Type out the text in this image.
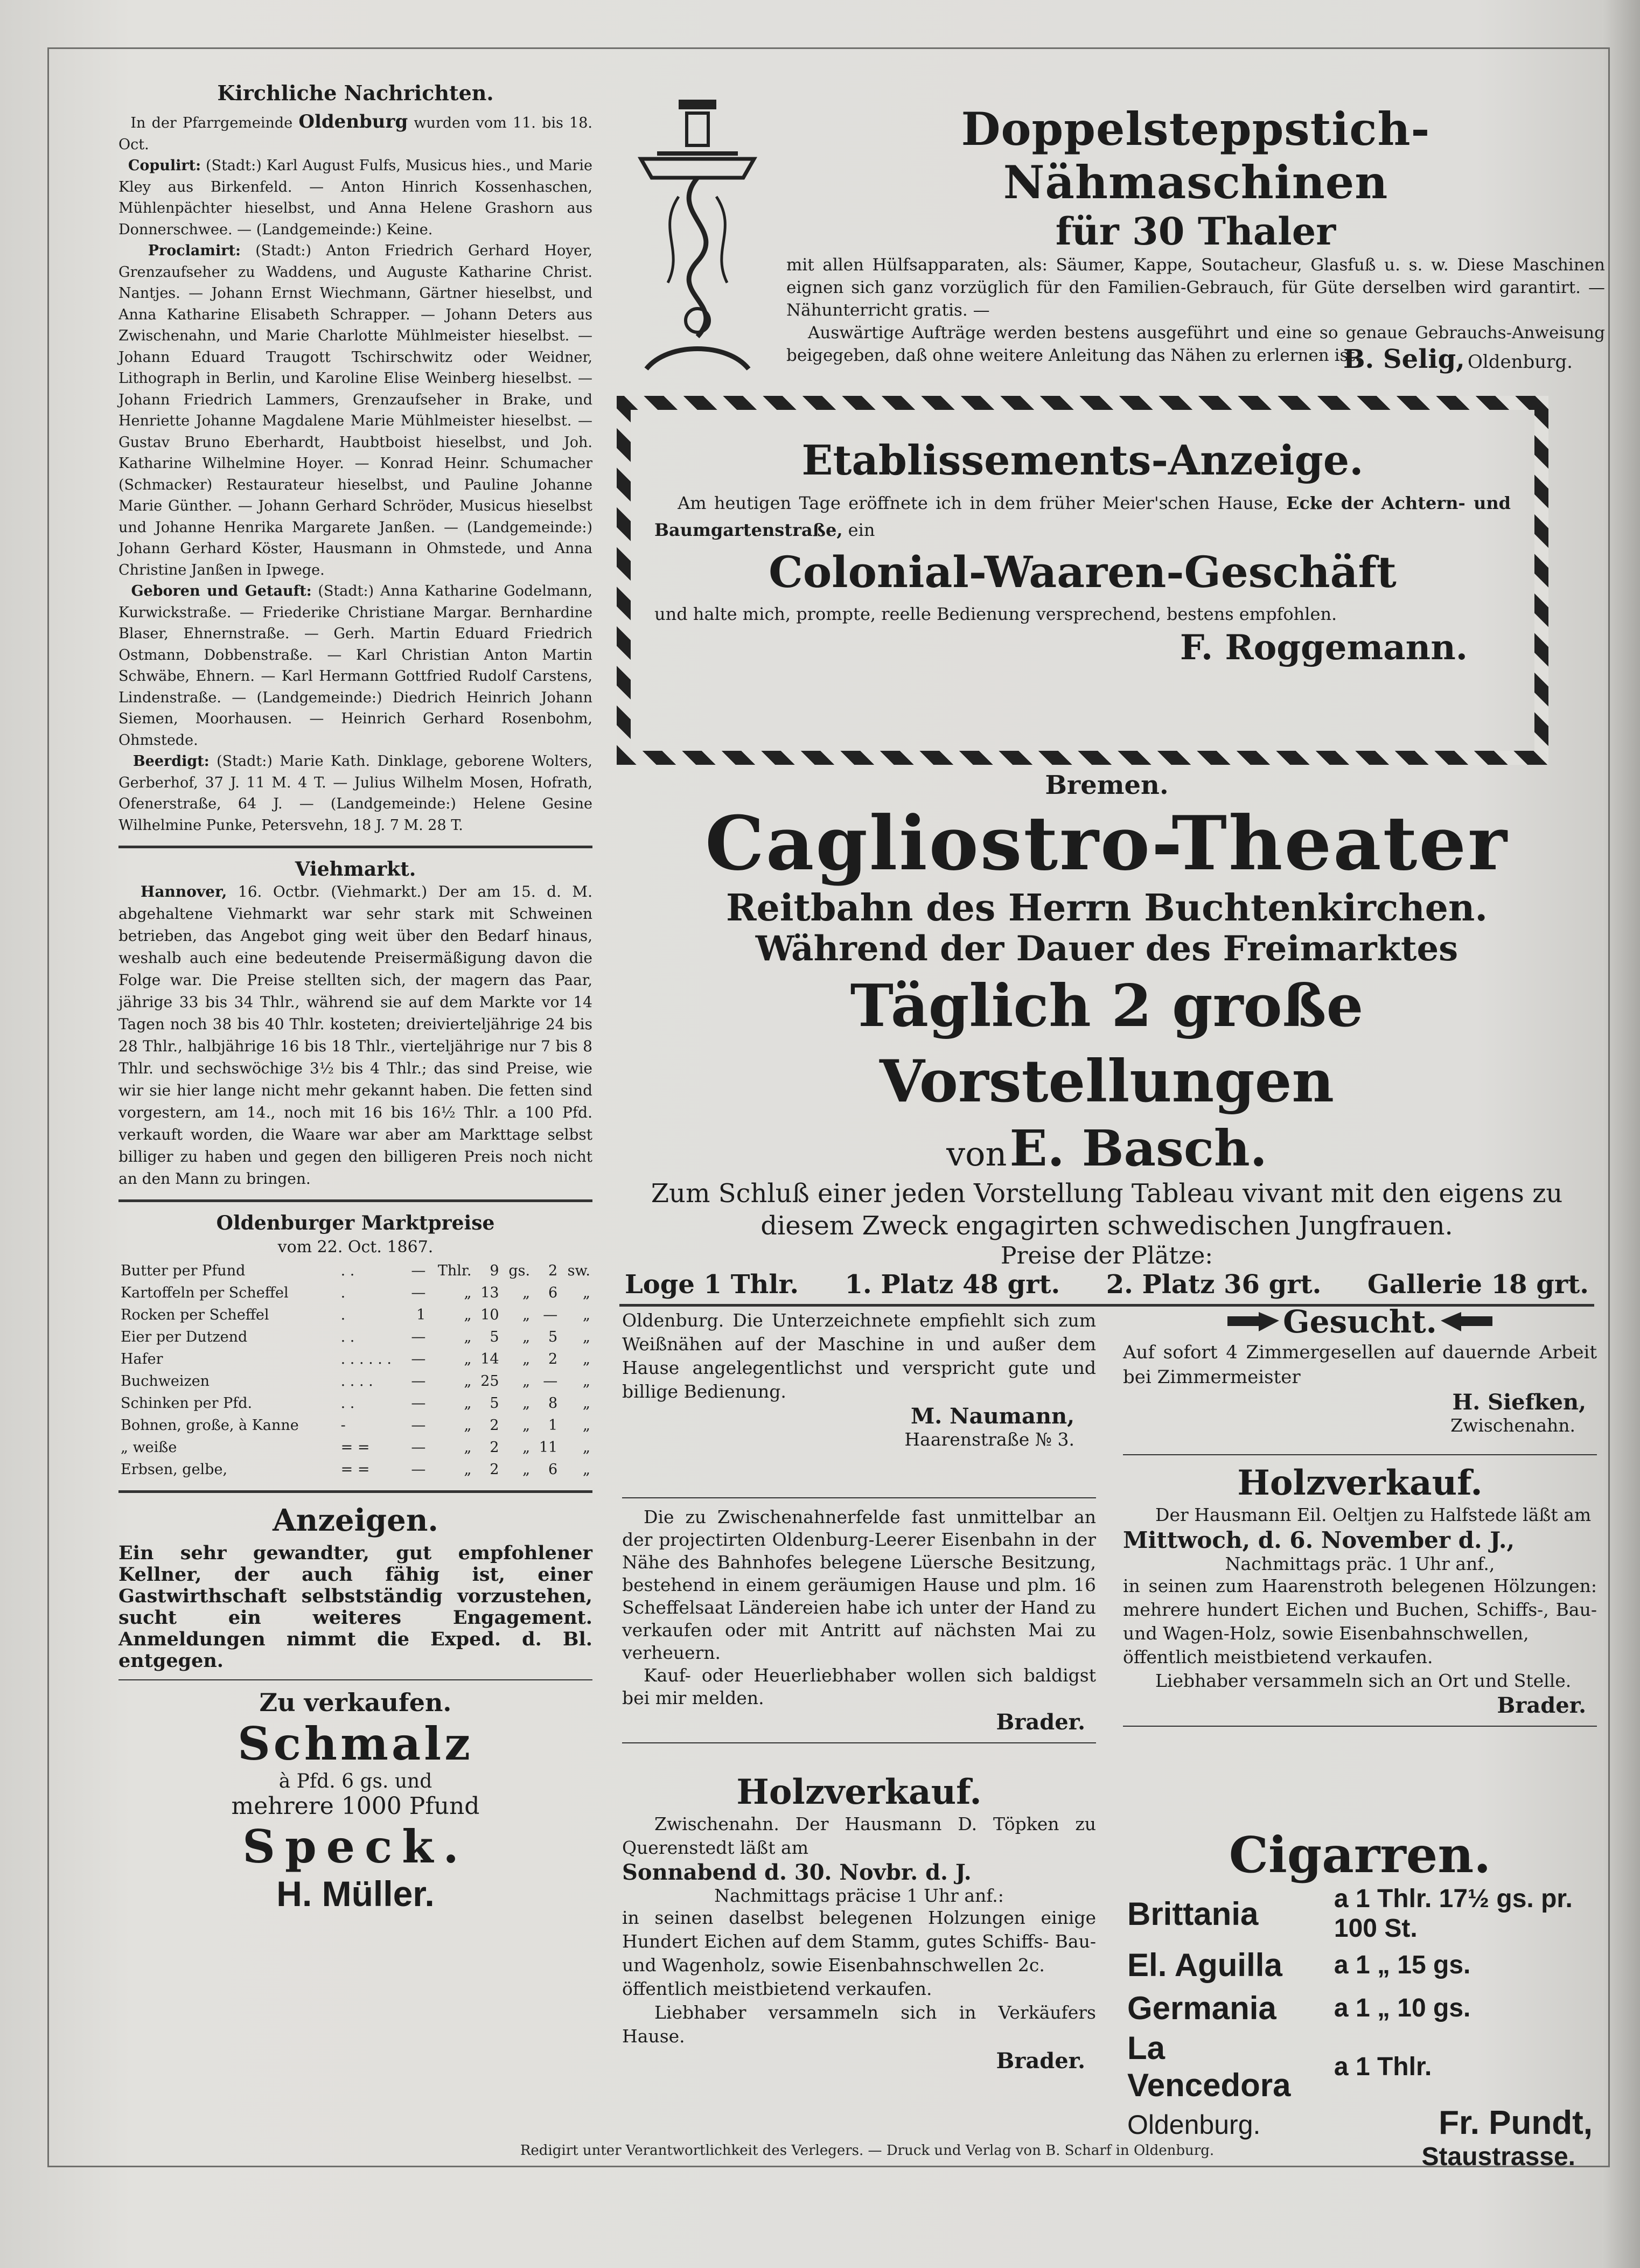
Kirchliche Nachrichten.

In der Pfarrgemeinde Oldenburg wurden vom 11. bis 18. Oct.

Copulirt: (Stadt:) Karl August Fulfs, Musicus hies., und Marie Kley aus Birkenfeld. — Anton Hinrich Kossenhaschen, Mühlenpächter hieselbst, und Anna Helene Grashorn aus Donnerschwee. — (Landgemeinde:) Keine.

Proclamirt: (Stadt:) Anton Friedrich Gerhard Hoyer, Grenzaufseher zu Waddens, und Auguste Katharine Christ. Nantjes. — Johann Ernst Wiechmann, Gärtner hieselbst, und Anna Katharine Elisabeth Schrapper. — Johann Deters aus Zwischenahn, und Marie Charlotte Mühlmeister hieselbst. — Johann Eduard Traugott Tschirschwitz oder Weidner, Lithograph in Berlin, und Karoline Elise Weinberg hieselbst. — Johann Friedrich Lammers, Grenzaufseher in Brake, und Henriette Johanne Magdalene Marie Mühlmeister hieselbst. — Gustav Bruno Eberhardt, Haubtboist hieselbst, und Joh. Katharine Wilhelmine Hoyer. — Konrad Heinr. Schumacher (Schmacker) Restaurateur hieselbst, und Pauline Johanne Marie Günther. — Johann Gerhard Schröder, Musicus hieselbst und Johanne Henrika Margarete Janßen. — (Landgemeinde:) Johann Gerhard Köster, Hausmann in Ohmstede, und Anna Christine Janßen in Ipwege.

Geboren und Getauft: (Stadt:) Anna Katharine Godelmann, Kurwickstraße. — Friederike Christiane Margar. Bernhardine Blaser, Ehnernstraße. — Gerh. Martin Eduard Friedrich Ostmann, Dobbenstraße. — Karl Christian Anton Martin Schwäbe, Ehnern. — Karl Hermann Gottfried Rudolf Carstens, Lindenstraße. — (Landgemeinde:) Diedrich Heinrich Johann Siemen, Moorhausen. — Heinrich Gerhard Rosenbohm, Ohmstede.

Beerdigt: (Stadt:) Marie Kath. Dinklage, geborene Wolters, Gerberhof, 37 J. 11 M. 4 T. — Julius Wilhelm Mosen, Hofrath, Ofenerstraße, 64 J. — (Landgemeinde:) Helene Gesine Wilhelmine Punke, Petersvehn, 18 J. 7 M. 28 T.

Viehmarkt.

Hannover, 16. Octbr. (Viehmarkt.) Der am 15. d. M. abgehaltene Viehmarkt war sehr stark mit Schweinen betrieben, das Angebot ging weit über den Bedarf hinaus, weshalb auch eine bedeutende Preisermäßigung davon die Folge war. Die Preise stellten sich, der magern das Paar, jährige 33 bis 34 Thlr., während sie auf dem Markte vor 14 Tagen noch 38 bis 40 Thlr. kosteten; dreivierteljährige 24 bis 28 Thlr., halbjährige 16 bis 18 Thlr., vierteljährige nur 7 bis 8 Thlr. und sechswöchige 3½ bis 4 Thlr.; das sind Preise, wie wir sie hier lange nicht mehr gekannt haben. Die fetten sind vorgestern, am 14., noch mit 16 bis 16½ Thlr. a 100 Pfd. verkauft worden, die Waare war aber am Markttage selbst billiger zu haben und gegen den billigeren Preis noch nicht an den Mann zu bringen.

Oldenburger Marktpreise
vom 22. Oct. 1867.
Butter per Pfund	. .	—	Thlr.	9	gs.	2	sw.
Kartoffeln per Scheffel	.	—	„	13	„	6	„
Rocken per Scheffel	.	1	„	10	„	—	„
Eier per Dutzend	. .	—	„	5	„	5	„
Hafer	. . . . . .	—	„	14	„	2	„
Buchweizen	. . . .	—	„	25	„	—	„
Schinken per Pfd.	. .	—	„	5	„	8	„
Bohnen, große, à Kanne	-	—	„	2	„	1	„
„ weiße	= =	—	„	2	„	11	„
Erbsen, gelbe,	= =	—	„	2	„	6	„
Anzeigen.

Ein sehr gewandter, gut empfohlener Kellner, der auch fähig ist, einer Gastwirthschaft selbstständig vorzustehen, sucht ein weiteres Engagement. Anmeldungen nimmt die Exped. d. Bl. entgegen.

Zu verkaufen.
Schmalz
à Pfd. 6 gs. und
mehrere 1000 Pfund
Speck.
H. Müller.
Doppelsteppstich-Nähmaschinen
für 30 Thaler

mit allen Hülfsapparaten, als: Säumer, Kappe, Soutacheur, Glasfuß u. s. w. Diese Maschinen eignen sich ganz vorzüglich für den Familien-Gebrauch, für Güte derselben wird garantirt. — Nähunterricht gratis. —

Auswärtige Aufträge werden bestens ausgeführt und eine so genaue Gebrauchs-Anweisung beigegeben, daß ohne weitere Anleitung das Nähen zu erlernen ist.

B. Selig, Oldenburg.
Etablissements-Anzeige.

Am heutigen Tage eröffnete ich in dem früher Meier'schen Hause, Ecke der Achtern- und Baumgartenstraße, ein

Colonial-Waaren-Geschäft

und halte mich, prompte, reelle Bedienung versprechend, bestens empfohlen.

F. Roggemann.
Bremen.
Cagliostro-Theater
Reitbahn des Herrn Buchtenkirchen.
Während der Dauer des Freimarktes
Täglich 2 große Vorstellungen
von E. Basch.
Zum Schluß einer jeden Vorstellung Tableau vivant mit den eigens zu diesem Zweck engagirten schwedischen Jungfrauen.
Preise der Plätze:
Loge 1 Thlr. 1. Platz 48 grt. 2. Platz 36 grt. Gallerie 18 grt.

Oldenburg. Die Unterzeichnete empfiehlt sich zum Weißnähen auf der Maschine in und außer dem Hause angelegentlichst und verspricht gute und billige Bedienung.

M. Naumann,
Haarenstraße № 3.
Gesucht.

Auf sofort 4 Zimmergesellen auf dauernde Arbeit bei Zimmermeister

H. Siefken,
Zwischenahn.

Die zu Zwischenahnerfelde fast unmittelbar an der projectirten Oldenburg-Leerer Eisenbahn in der Nähe des Bahnhofes belegene Lüersche Besitzung, bestehend in einem geräumigen Hause und plm. 16 Scheffelsaat Ländereien habe ich unter der Hand zu verkaufen oder mit Antritt auf nächsten Mai zu verheuern.

Kauf- oder Heuerliebhaber wollen sich baldigst bei mir melden.

Brader.
Holzverkauf.

Der Hausmann Eil. Oeltjen zu Halfstede läßt am

Mittwoch, d. 6. November d. J.,
Nachmittags präc. 1 Uhr anf.,

in seinen zum Haarenstroth belegenen Hölzungen: mehrere hundert Eichen und Buchen, Schiffs-, Bau- und Wagen-Holz, sowie Eisenbahnschwellen,

öffentlich meistbietend verkaufen.

Liebhaber versammeln sich an Ort und Stelle.

Brader.
Holzverkauf.

Zwischenahn. Der Hausmann D. Töpken zu Querenstedt läßt am

Sonnabend d. 30. Novbr. d. J.
Nachmittags präcise 1 Uhr anf.:

in seinen daselbst belegenen Holzungen einige Hundert Eichen auf dem Stamm, gutes Schiffs- Bau- und Wagenholz, sowie Eisenbahnschwellen 2c.

öffentlich meistbietend verkaufen.

Liebhaber versammeln sich in Verkäufers Hause.

Brader.
Cigarren.
Brittania	a 1 Thlr. 17½ gs. pr. 100 St.
El. Aguilla	a 1 „ 15 gs.
Germania	a 1 „ 10 gs.
La Vencedora	a 1 Thlr.
Oldenburg.	Fr. Pundt,
Staustrasse.
Redigirt unter Verantwortlichkeit des Verlegers. — Druck und Verlag von B. Scharf in Oldenburg.
